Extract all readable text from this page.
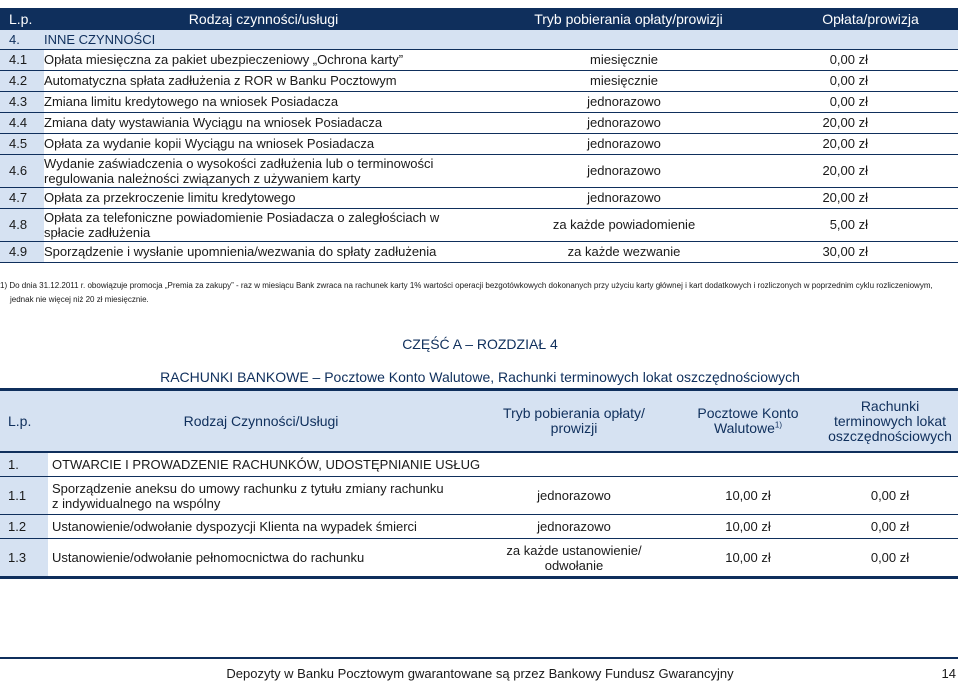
L.p.	Rodzaj czynności/usługi	Tryb pobierania opłaty/prowizji	Opłata/prowizja
4.	INNE CZYNNOŚCI		
4.1	Opłata miesięczna za pakiet ubezpieczeniowy „Ochrona karty”	miesięcznie	0,00 zł
4.2	Automatyczna spłata zadłużenia z ROR w Banku Pocztowym	miesięcznie	0,00 zł
4.3	Zmiana limitu kredytowego na wniosek Posiadacza	jednorazowo	0,00 zł
4.4	Zmiana daty wystawiania Wyciągu na wniosek Posiadacza	jednorazowo	20,00 zł
4.5	Opłata za wydanie kopii Wyciągu na wniosek Posiadacza	jednorazowo	20,00 zł
4.6	Wydanie zaświadczenia o wysokości zadłużenia lub o terminowości regulowania należności związanych z używaniem karty	jednorazowo	20,00 zł
4.7	Opłata za przekroczenie limitu kredytowego	jednorazowo	20,00 zł
4.8	Opłata za telefoniczne powiadomienie Posiadacza o zaległościach w spłacie zadłużenia	za każde powiadomienie	5,00 zł
4.9	Sporządzenie i wysłanie upomnienia/wezwania do spłaty zadłużenia	za każde wezwanie	30,00 zł
1) Do dnia 31.12.2011 r. obowiązuje promocja „Premia za zakupy” - raz w miesiącu Bank zwraca na rachunek karty 1% wartości operacji bezgotówkowych dokonanych przy użyciu karty głównej i kart dodatkowych i rozliczonych w poprzednim cyklu rozliczeniowym,
jednak nie więcej niż 20 zł miesięcznie.
CZĘŚĆ A – ROZDZIAŁ 4
RACHUNKI BANKOWE – Pocztowe Konto Walutowe, Rachunki terminowych lokat oszczędnościowych
L.p.	Rodzaj Czynności/Usługi	Tryb pobierania opłaty/ prowizji	Pocztowe Konto Walutowe$^{1)}$	Rachunki terminowych lokat oszczędnościowych
1.	OTWARCIE I PROWADZENIE RACHUNKÓW, UDOSTĘPNIANIE USŁUG			
1.1	Sporządzenie aneksu do umowy rachunku z tytułu zmiany rachunku z indywidualnego na wspólny	jednorazowo	10,00 zł	0,00 zł
1.2	Ustanowienie/odwołanie dyspozycji Klienta na wypadek śmierci	jednorazowo	10,00 zł	0,00 zł
1.3	Ustanowienie/odwołanie pełnomocnictwa do rachunku	za każde ustanowienie/ odwołanie	10,00 zł	0,00 zł
Depozyty w Banku Pocztowym gwarantowane są przez Bankowy Fundusz Gwarancyjny	14
